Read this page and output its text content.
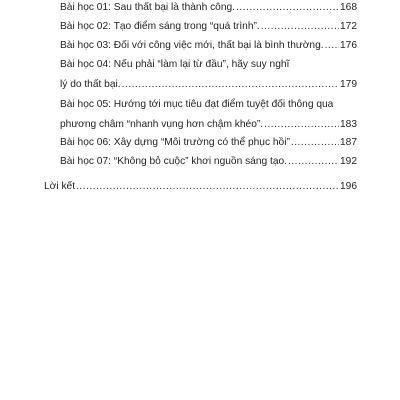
Bài học 01: Sau thất bại là thành công. .....	168
Bài học 02: Tạo điểm sáng trong “quá trình”. .....	172
Bài học 03: Đối với công việc mới, thất bại là bình thường. ..... 176
Bài học 04: Nếu phải “làm lại từ đầu”, hãy suy nghĩ
lý do thất bại. .....	179
Bài học 05: Hướng tới mục tiêu đạt điểm tuyệt đối thông qua
phương châm “nhanh vụng hơn chậm khéo”. .....	183
Bài học 06: Xây dựng “Môi trường có thể phục hồi” .....	187
Bài học 07: “Không bỏ cuộc” khơi nguồn sáng tạo. .....	192
Lời kết .....	196
